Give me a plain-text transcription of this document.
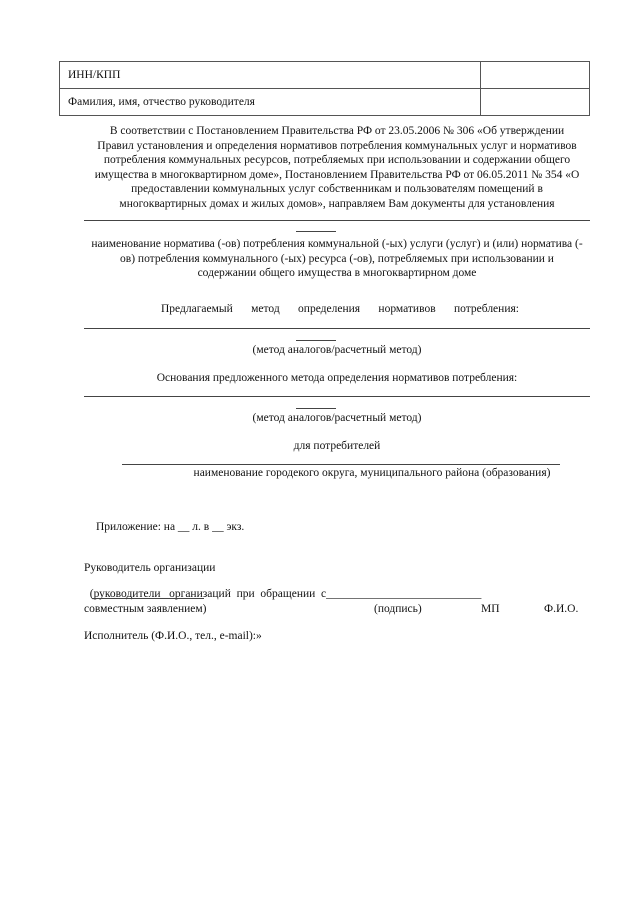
ИНН/КПП	
Фамилия, имя, отчество руководителя	
В соответствии с Постановлением Правительства РФ от 23.05.2006 № 306 «Об утверждении
Правил установления и определения нормативов потребления коммунальных услуг и нормативов
потребления коммунальных ресурсов, потребляемых при использовании и содержании общего
имущества в многоквартирном доме», Постановлением Правительства РФ от 06.05.2011 № 354 «О
предоставлении коммунальных услуг собственникам и пользователям помещений в
многоквартирных домах и жилых домов», направляем Вам документы для установления
наименование норматива (-ов) потребления коммунальной (-ых) услуги (услуг) и (или) норматива (-
ов) потребления коммунального (-ых) ресурса (-ов), потребляемых при использовании и
содержании общего имущества в многоквартирном доме
Предлагаемый метод определения нормативов потребления:
(метод аналогов/расчетный метод)
Основания предложенного метода определения нормативов потребления:
(метод аналогов/расчетный метод)
для потребителей
наименование городекого округа, муниципального района (образования)
Приложение: на __ л. в __ экз.
Руководитель организации

(руководители   организаций  при  обращении  с___________________________

совместным заявлением)	(подпись)	МП	Ф.И.О.
Исполнитель (Ф.И.О., тел., e-mail):»
